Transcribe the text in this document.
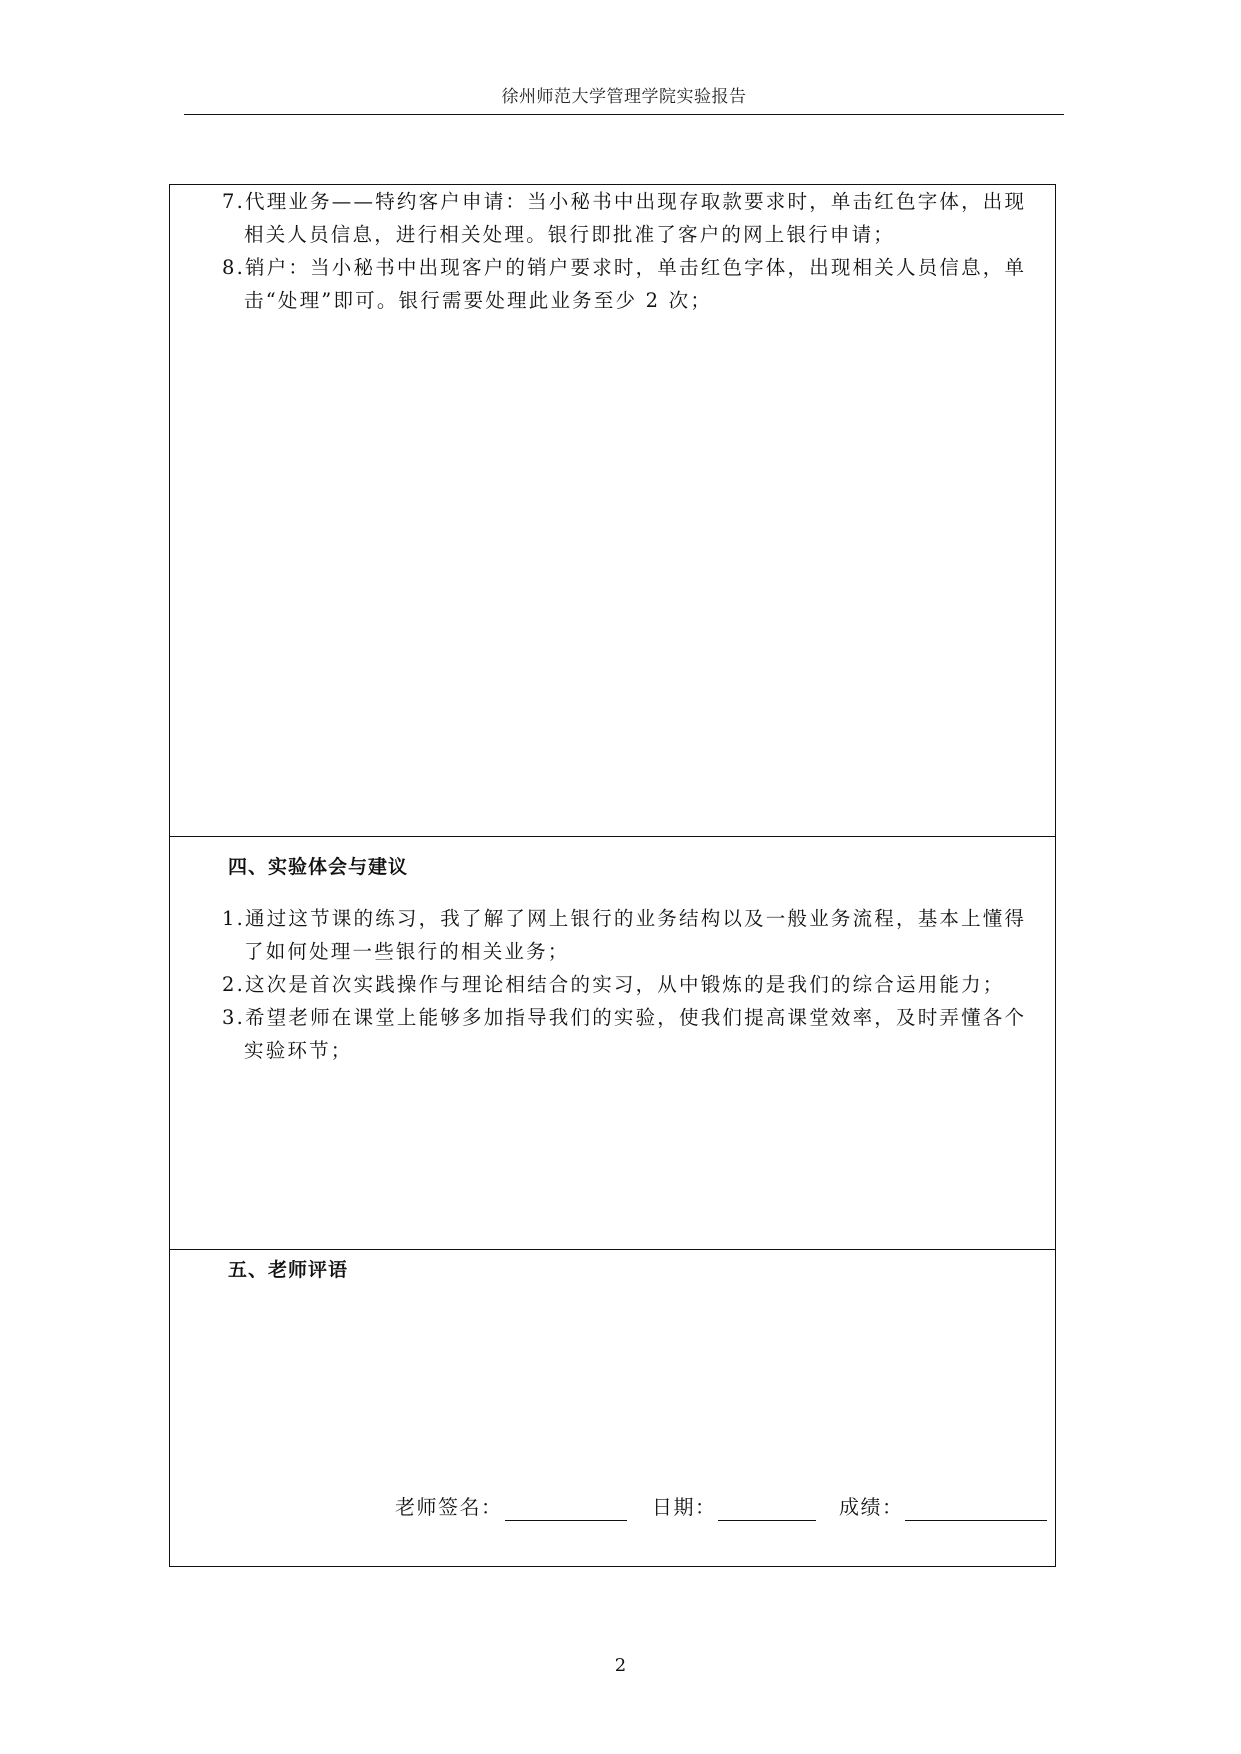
徐州师范大学管理学院实验报告
7.代理业务——特约客户申请：当小秘书中出现存取款要求时，单击红色字体，出现
相关人员信息，进行相关处理。银行即批准了客户的网上银行申请；
8.销户：当小秘书中出现客户的销户要求时，单击红色字体，出现相关人员信息，单
击“处理”即可。银行需要处理此业务至少 2 次；
四、实验体会与建议
1.通过这节课的练习，我了解了网上银行的业务结构以及一般业务流程，基本上懂得
了如何处理一些银行的相关业务；
2.这次是首次实践操作与理论相结合的实习，从中锻炼的是我们的综合运用能力；
3.希望老师在课堂上能够多加指导我们的实验，使我们提高课堂效率，及时弄懂各个
实验环节；
五、老师评语
老师签名：	日期：	成绩：
2
